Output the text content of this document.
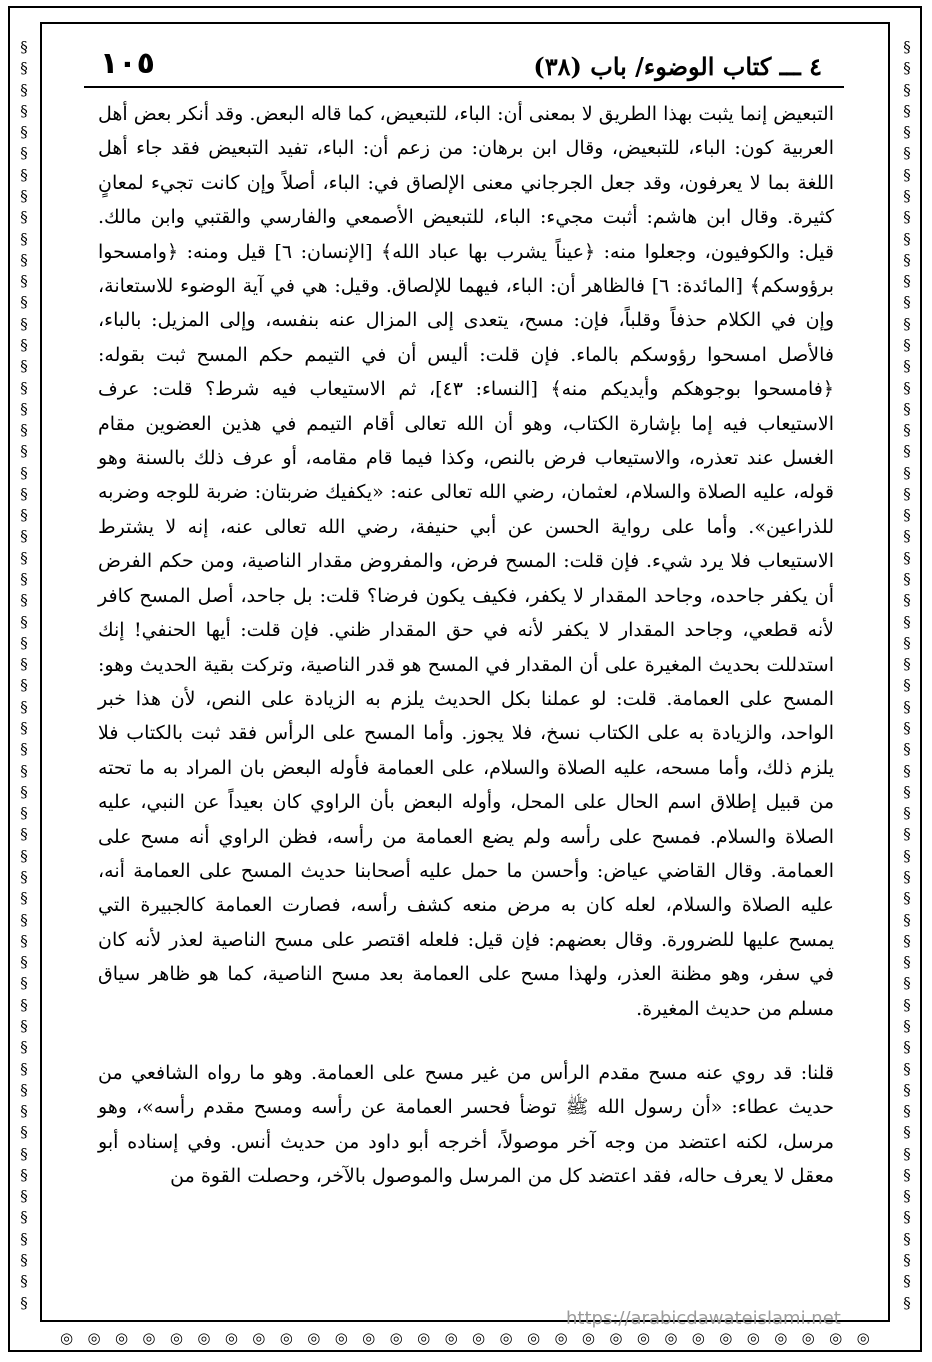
§
§
§
§
§
§
§
§
§
§
§
§
§
§
§
§
§
§
§
§
§
§
§
§
§
§
§
§
§
§
§
§
§
§
§
§
§
§
§
§
§
§
§
§
§
§
§
§
§
§
§
§
§
§
§
§
§
§
§
§
§
§
§
§
§
§
§
§
§
§
§
§
§
§
§
§
§
§
§
§
§
§
§
§
§
§
§
§
§
§
§
§
§
§
§
§
§
§
§
§
§
§
§
§
§
§
§
§
§
§
§
§
§
§
§
§
§
§
§
§
◎ ◎ ◎ ◎ ◎ ◎ ◎ ◎ ◎ ◎ ◎ ◎ ◎ ◎ ◎ ◎ ◎ ◎ ◎ ◎ ◎ ◎ ◎ ◎ ◎ ◎ ◎ ◎ ◎ ◎
١٠٥	٤ ـــ كتاب الوضوء/ باب (٣٨)

التبعيض إنما يثبت بهذا الطريق لا بمعنى أن: الباء، للتبعيض، كما قاله البعض. وقد أنكر بعض أهل العربية كون: الباء، للتبعيض، وقال ابن برهان: من زعم أن: الباء، تفيد التبعيض فقد جاء أهل اللغة بما لا يعرفون، وقد جعل الجرجاني معنى الإلصاق في: الباء، أصلاً وإن كانت تجيء لمعانٍ كثيرة. وقال ابن هاشم: أثبت مجيء: الباء، للتبعيض الأصمعي والفارسي والقتبي وابن مالك. قيل: والكوفيون، وجعلوا منه: ﴿عيناً يشرب بها عباد الله﴾ [الإنسان: ٦] قيل ومنه: ﴿وامسحوا برؤوسكم﴾ [المائدة: ٦] فالظاهر أن: الباء، فيهما للإلصاق. وقيل: هي في آية الوضوء للاستعانة، وإن في الكلام حذفاً وقلباً، فإن: مسح، يتعدى إلى المزال عنه بنفسه، وإلى المزيل: بالباء، فالأصل امسحوا رؤوسكم بالماء. فإن قلت: أليس أن في التيمم حكم المسح ثبت بقوله: ﴿فامسحوا بوجوهكم وأيديكم منه﴾ [النساء: ٤٣]، ثم الاستيعاب فيه شرط؟ قلت: عرف الاستيعاب فيه إما بإشارة الكتاب، وهو أن الله تعالى أقام التيمم في هذين العضوين مقام الغسل عند تعذره، والاستيعاب فرض بالنص، وكذا فيما قام مقامه، أو عرف ذلك بالسنة وهو قوله، عليه الصلاة والسلام، لعثمان، رضي الله تعالى عنه: «يكفيك ضربتان: ضربة للوجه وضربه للذراعين». وأما على رواية الحسن عن أبي حنيفة، رضي الله تعالى عنه، إنه لا يشترط الاستيعاب فلا يرد شيء. فإن قلت: المسح فرض، والمفروض مقدار الناصية، ومن حكم الفرض أن يكفر جاحده، وجاحد المقدار لا يكفر، فكيف يكون فرضا؟ قلت: بل جاحد، أصل المسح كافر لأنه قطعي، وجاحد المقدار لا يكفر لأنه في حق المقدار ظني. فإن قلت: أيها الحنفي! إنك استدللت بحديث المغيرة على أن المقدار في المسح هو قدر الناصية، وتركت بقية الحديث وهو: المسح على العمامة. قلت: لو عملنا بكل الحديث يلزم به الزيادة على النص، لأن هذا خبر الواحد، والزيادة به على الكتاب نسخ، فلا يجوز. وأما المسح على الرأس فقد ثبت بالكتاب فلا يلزم ذلك، وأما مسحه، عليه الصلاة والسلام، على العمامة فأوله البعض بان المراد به ما تحته من قبيل إطلاق اسم الحال على المحل، وأوله البعض بأن الراوي كان بعيداً عن النبي، عليه الصلاة والسلام. فمسح على رأسه ولم يضع العمامة من رأسه، فظن الراوي أنه مسح على العمامة. وقال القاضي عياض: وأحسن ما حمل عليه أصحابنا حديث المسح على العمامة أنه، عليه الصلاة والسلام، لعله كان به مرض منعه كشف رأسه، فصارت العمامة كالجبيرة التي يمسح عليها للضرورة. وقال بعضهم: فإن قيل: فلعله اقتصر على مسح الناصية لعذر لأنه كان في سفر، وهو مظنة العذر، ولهذا مسح على العمامة بعد مسح الناصية، كما هو ظاهر سياق مسلم من حديث المغيرة.

قلنا: قد روي عنه مسح مقدم الرأس من غير مسح على العمامة. وهو ما رواه الشافعي من حديث عطاء: «أن رسول الله ﷺ توضأ فحسر العمامة عن رأسه ومسح مقدم رأسه»، وهو مرسل، لكنه اعتضد من وجه آخر موصولاً، أخرجه أبو داود من حديث أنس. وفي إسناده أبو معقل لا يعرف حاله، فقد اعتضد كل من المرسل والموصول بالآخر، وحصلت القوة من

https://arabicdawateislami.net
